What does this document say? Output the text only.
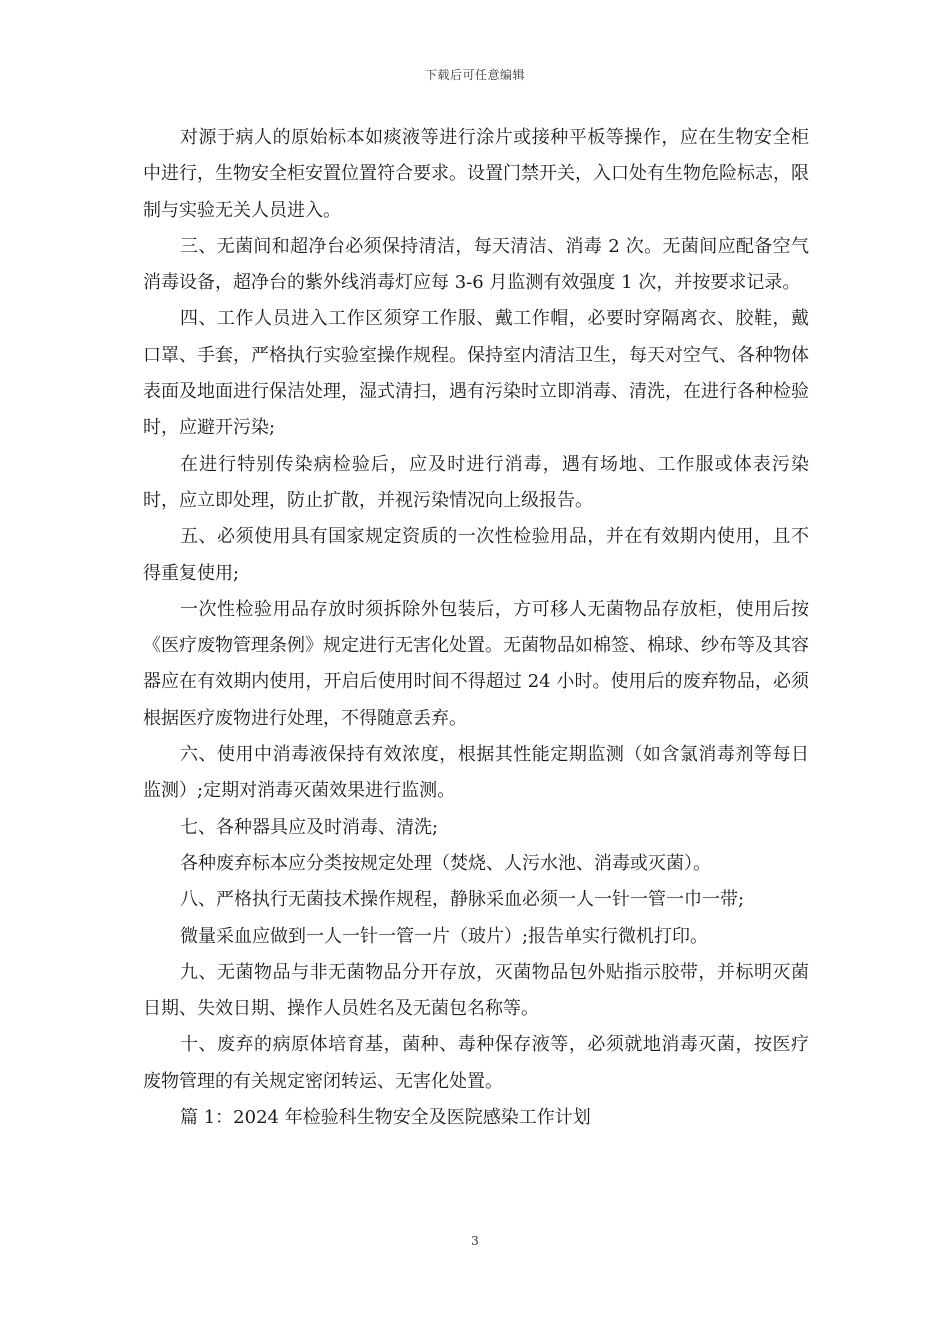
下载后可任意编辑

对源于病人的原始标本如痰液等进行涂片或接种平板等操作，应在生物安全柜中进行，生物安全柜安置位置符合要求。设置门禁开关，入口处有生物危险标志，限制与实验无关人员进入。

三、无菌间和超净台必须保持清洁，每天清洁、消毒 2 次。无菌间应配备空气消毒设备，超净台的紫外线消毒灯应每 3-6 月监测有效强度 1 次，并按要求记录。

四、工作人员进入工作区须穿工作服、戴工作帽，必要时穿隔离衣、胶鞋，戴口罩、手套，严格执行实验室操作规程。保持室内清洁卫生，每天对空气、各种物体表面及地面进行保洁处理，湿式清扫，遇有污染时立即消毒、清洗，在进行各种检验时，应避开污染;

在进行特别传染病检验后，应及时进行消毒，遇有场地、工作服或体表污染时，应立即处理，防止扩散，并视污染情况向上级报告。

五、必须使用具有国家规定资质的一次性检验用品，并在有效期内使用，且不得重复使用;

一次性检验用品存放时须拆除外包装后，方可移人无菌物品存放柜，使用后按《医疗废物管理条例》规定进行无害化处置。无菌物品如棉签、棉球、纱布等及其容器应在有效期内使用，开启后使用时间不得超过 24 小时。使用后的废弃物品，必须根据医疗废物进行处理，不得随意丢弃。

六、使用中消毒液保持有效浓度，根据其性能定期监测（如含氯消毒剂等每日监测）;定期对消毒灭菌效果进行监测。

七、各种器具应及时消毒、清洗;

各种废弃标本应分类按规定处理（焚烧、人污水池、消毒或灭菌）。

八、严格执行无菌技术操作规程，静脉采血必须一人一针一管一巾一带;

微量采血应做到一人一针一管一片（玻片）;报告单实行微机打印。

九、无菌物品与非无菌物品分开存放，灭菌物品包外贴指示胶带，并标明灭菌日期、失效日期、操作人员姓名及无菌包名称等。

十、废弃的病原体培育基，菌种、毒种保存液等，必须就地消毒灭菌，按医疗废物管理的有关规定密闭转运、无害化处置。

篇 1：2024 年检验科生物安全及医院感染工作计划

3
